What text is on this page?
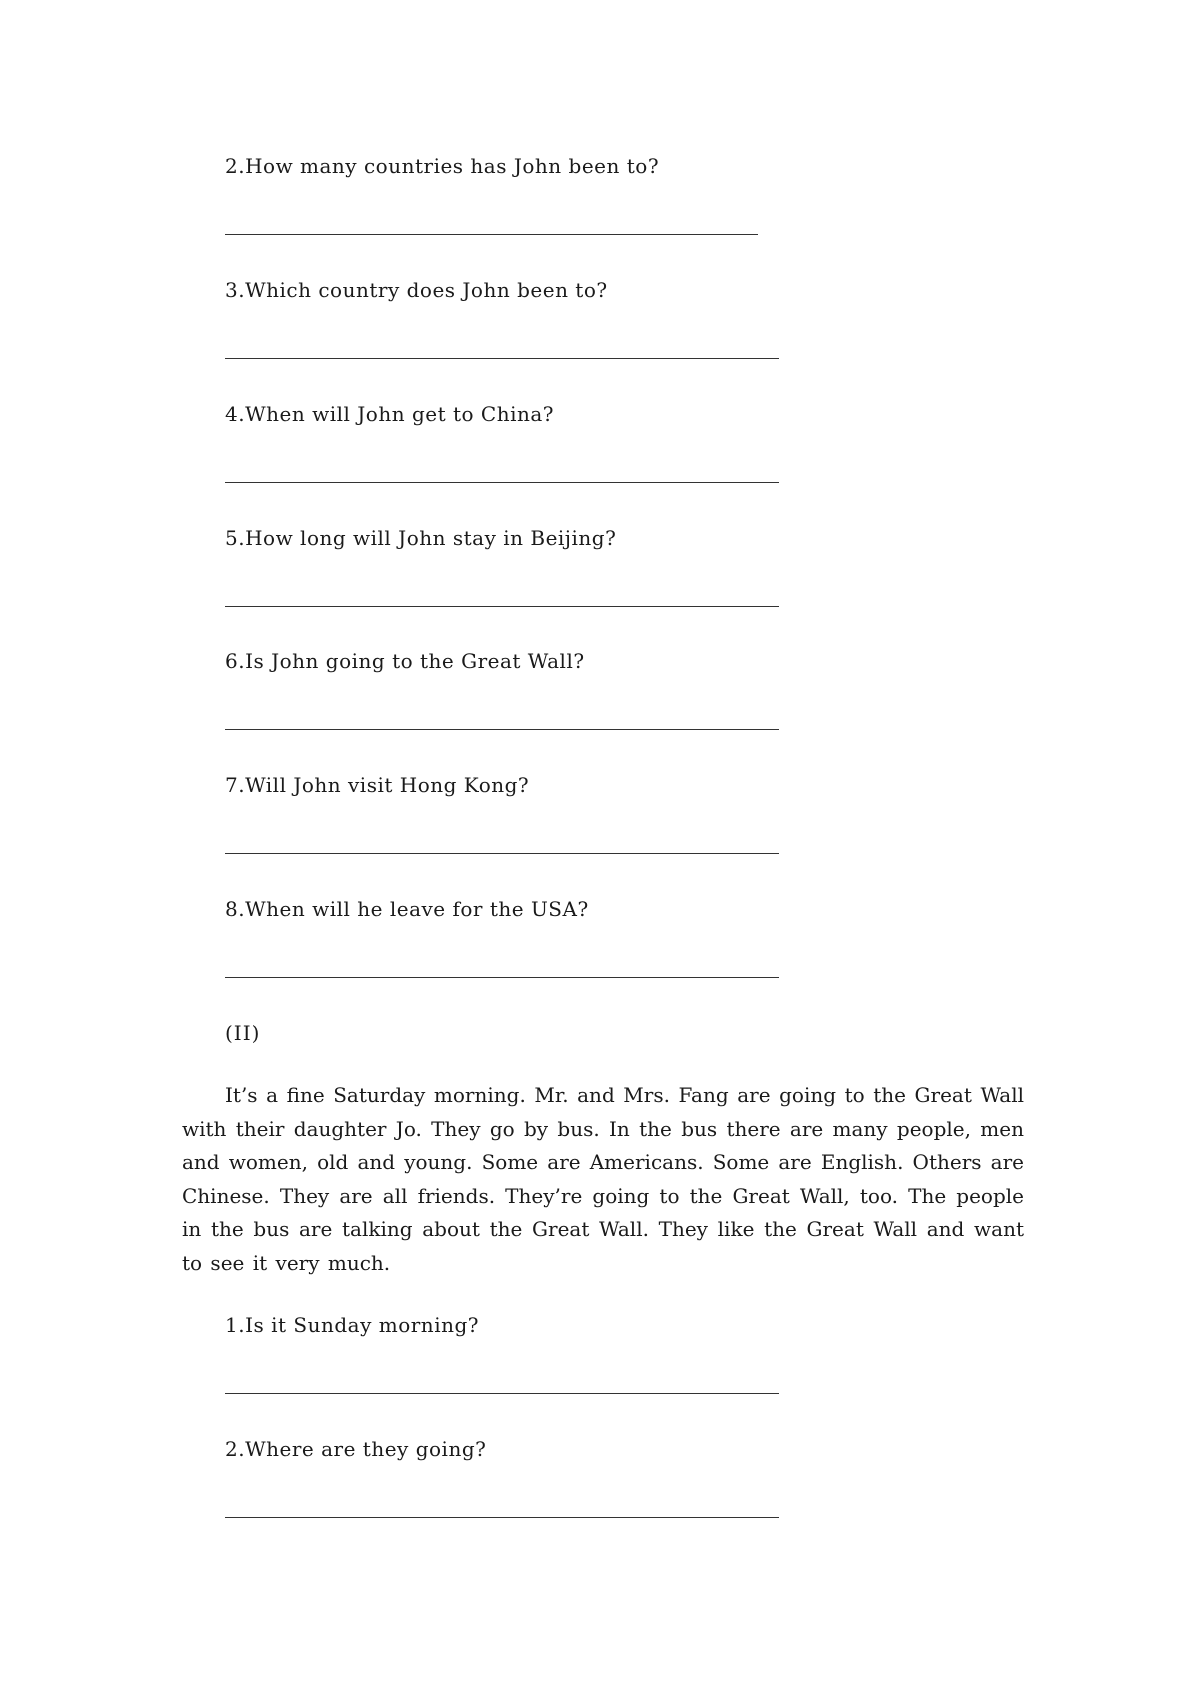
2.How many countries has John been to?
3.Which country does John been to?
4.When will John get to China?
5.How long will John stay in Beijing?
6.Is John going to the Great Wall?
7.Will John visit Hong Kong?
8.When will he leave for the USA?
(II)
It’s a fine Saturday morning. Mr. and Mrs. Fang are going to the Great Wall with their daughter Jo. They go by bus. In the bus there are many people, men and women, old and young. Some are Americans. Some are English. Others are Chinese. They are all friends. They’re going to the Great Wall, too. The people in the bus are talking about the Great Wall. They like the Great Wall and want to see it very much.
1.Is it Sunday morning?
2.Where are they going?
